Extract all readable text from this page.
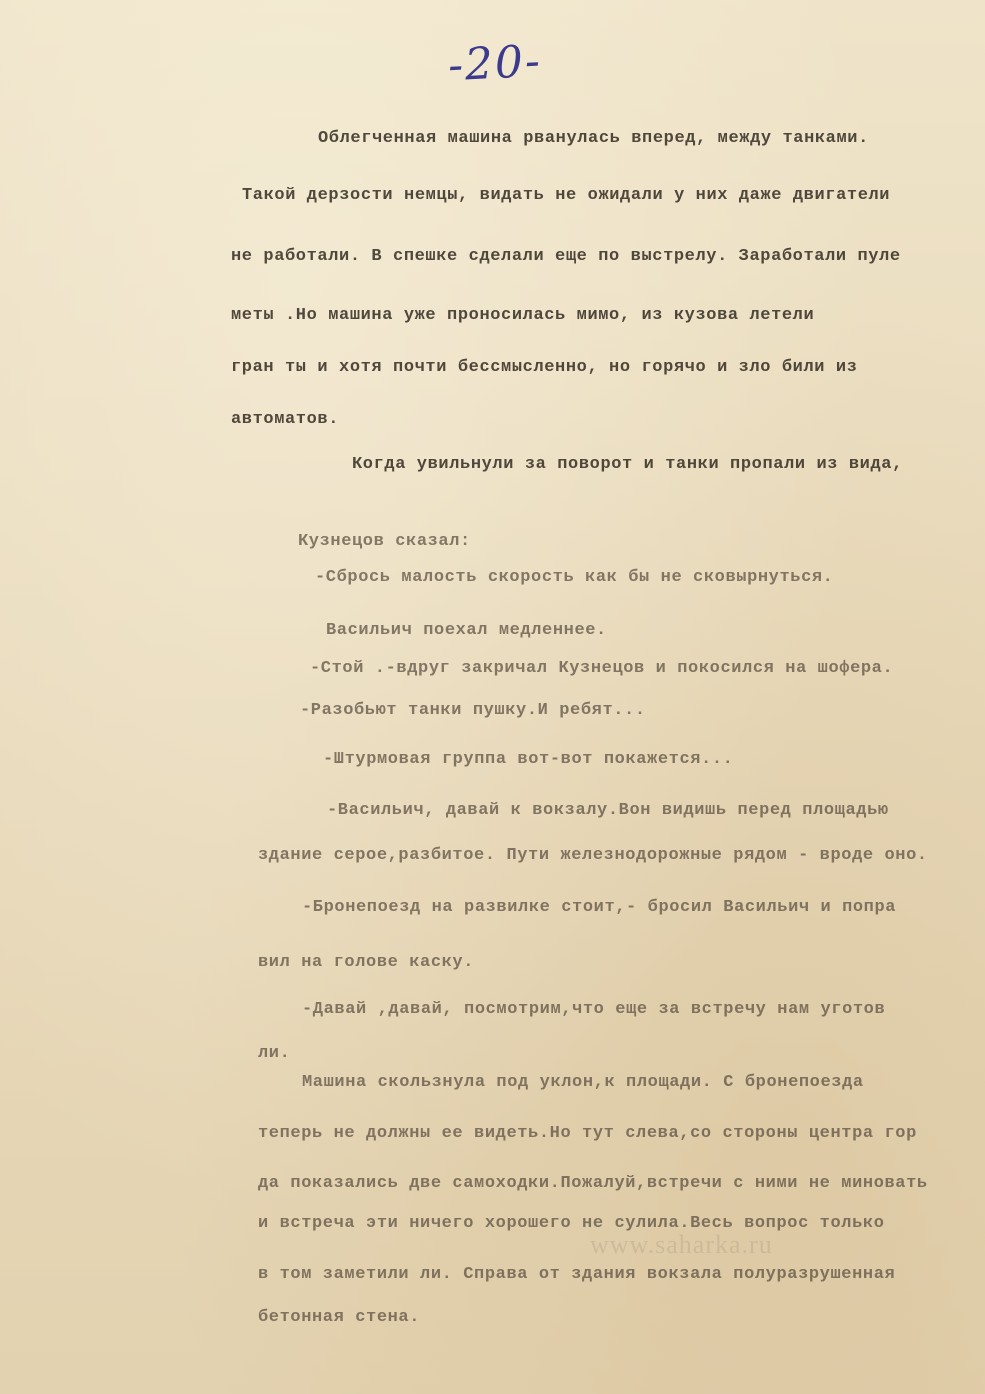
-20-
Облегченная машина рванулась вперед, между танками.
Такой дерзости немцы, видать не ожидали у них даже двигатели
не работали. В спешке сделали еще по выстрелу. Заработали пуле
меты .Но машина уже проносилась мимо, из кузова летели
гран ты и хотя почти бессмысленно, но горячо и зло били из
автоматов.
Когда увильнули за поворот и танки пропали из вида,
Кузнецов сказал:
-Сбрось малость скорость как бы не сковырнуться.
Васильич поехал медленнее.
-Стой .-вдруг закричал Кузнецов и покосился на шофера.
-Разобьют танки пушку.И ребят...
-Штурмовая группа вот-вот покажется...
-Васильич, давай к вокзалу.Вон видишь перед площадью
здание серое,разбитое. Пути железнодорожные рядом - вроде оно.
-Бронепоезд на развилке стоит,- бросил Васильич и попра
вил на голове каску.
-Давай ,давай, посмотрим,что еще за встречу нам уготов
ли.
Машина скользнула под уклон,к площади. С бронепоезда
теперь не должны ее видеть.Но тут слева,со стороны центра гор
да показались две самоходки.Пожалуй,встречи с ними не миновать
и встреча эти ничего хорошего не сулила.Весь вопрос только
в том заметили ли. Справа от здания вокзала полуразрушенная
бетонная стена.
www.saharka.ru
